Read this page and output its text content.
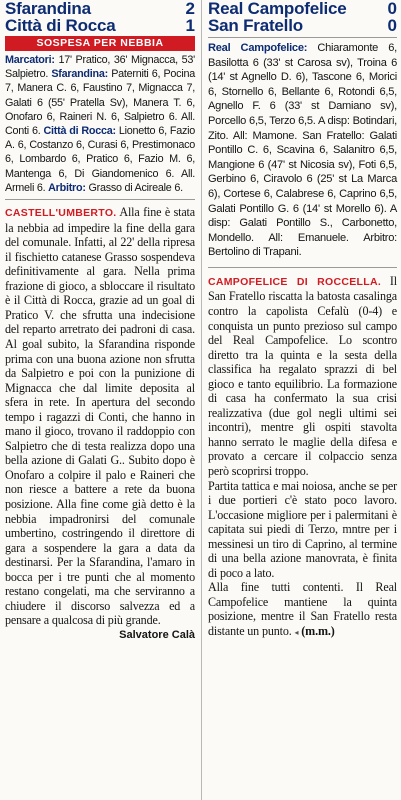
Sfarandina	2
Città di Rocca	1
SOSPESA PER NEBBIA
Marcatori: 17' Pratico, 36' Mignacca, 53' Salpietro. Sfarandina: Paterniti 6, Pocina 7, Manera C. 6, Faustino 7, Mignacca 7, Galati 6 (55' Pratella Sv), Manera T. 6, Onofaro 6, Raineri N. 6, Salpietro 6. All. Conti 6. Città di Rocca: Lionetto 6, Fazio A. 6, Costanzo 6, Curasi 6, Prestimonaco 6, Lombardo 6, Pratico 6, Fazio M. 6, Mantenga 6, Di Giandomenico 6. All. Armeli 6. Arbitro: Grasso di Acireale 6.
CASTELL'UMBERTO. Alla fine è stata la nebbia ad impedire la fine della gara del comunale. Infatti, al 22' della ripresa il fischietto catanese Grasso sospendeva definitivamente al gara. Nella prima frazione di gioco, a sbloccare il risultato è il Città di Rocca, grazie ad un goal di Pratico V. che sfrutta una indecisione del reparto arretrato dei padroni di casa. Al goal subito, la Sfarandina risponde prima con una buona azione non sfrutta da Salpietro e poi con la punizione di Mignacca che dal limite deposita al sfera in rete. In apertura del secondo tempo i ragazzi di Conti, che hanno in mano il gioco, trovano il raddoppio con Salpietro che di testa realizza dopo una bella azione di Galati G.. Subito dopo è Onofaro a colpire il palo e Raineri che non riesce a battere a rete da buona posizione. Alla fine come già detto è la nebbia impadronirsi del comunale umbertino, costringendo il direttore di gara a sospendere la gara a data da destinarsi. Per la Sfarandina, l'amaro in bocca per i tre punti che al momento restano congelati, ma che serviranno a chiudere il discorso salvezza ed a pensare a qualcosa di più grande.
Salvatore Calà
Real Campofelice 0
San Fratello	0
Real Campofelice: Chiaramonte 6, Basilotta 6 (33' st Carosa sv), Troina 6 (14' st Agnello D. 6), Tascone 6, Morici 6, Stornello 6, Bellante 6, Rotondi 6,5, Agnello F. 6 (33' st Damiano sv), Porcello 6,5, Terzo 6,5. A disp: Botindari, Zito. All: Mamone. San Fratello: Galati Pontillo C. 6, Scavina 6, Salanitro 6,5, Mangione 6 (47' st Nicosia sv), Foti 6,5, Gerbino 6, Ciravolo 6 (25' st La Marca 6), Cortese 6, Calabrese 6, Caprino 6,5, Galati Pontillo G. 6 (14' st Morello 6). A disp: Galati Pontillo S., Carbonetto, Mondello. All: Emanuele. Arbitro: Bertolino di Trapani.

CAMPOFELICE DI ROCCELLA. Il San Fratello riscatta la batosta casalinga contro la capolista Cefalù (0-4) e conquista un punto prezioso sul campo del Real Campofelice. Lo scontro diretto tra la quinta e la sesta della classifica ha regalato sprazzi di bel gioco e tanto equilibrio. La formazione di casa ha confermato la sua crisi realizzativa (due gol negli ultimi sei incontri), mentre gli ospiti stavolta hanno serrato le maglie della difesa e provato a cercare il colpaccio senza però scoprirsi troppo.

Partita tattica e mai noiosa, anche se per i due portieri c'è stato poco lavoro. L'occasione migliore per i palermitani è capitata sui piedi di Terzo, mntre per i messinesi un tiro di Caprino, al termine di una bella azione manovrata, è finita di poco a lato.

Alla fine tutti contenti. Il Real Campofelice mantiene la quinta posizione, mentre il San Fratello resta distante un punto. ◂ (m.m.)
